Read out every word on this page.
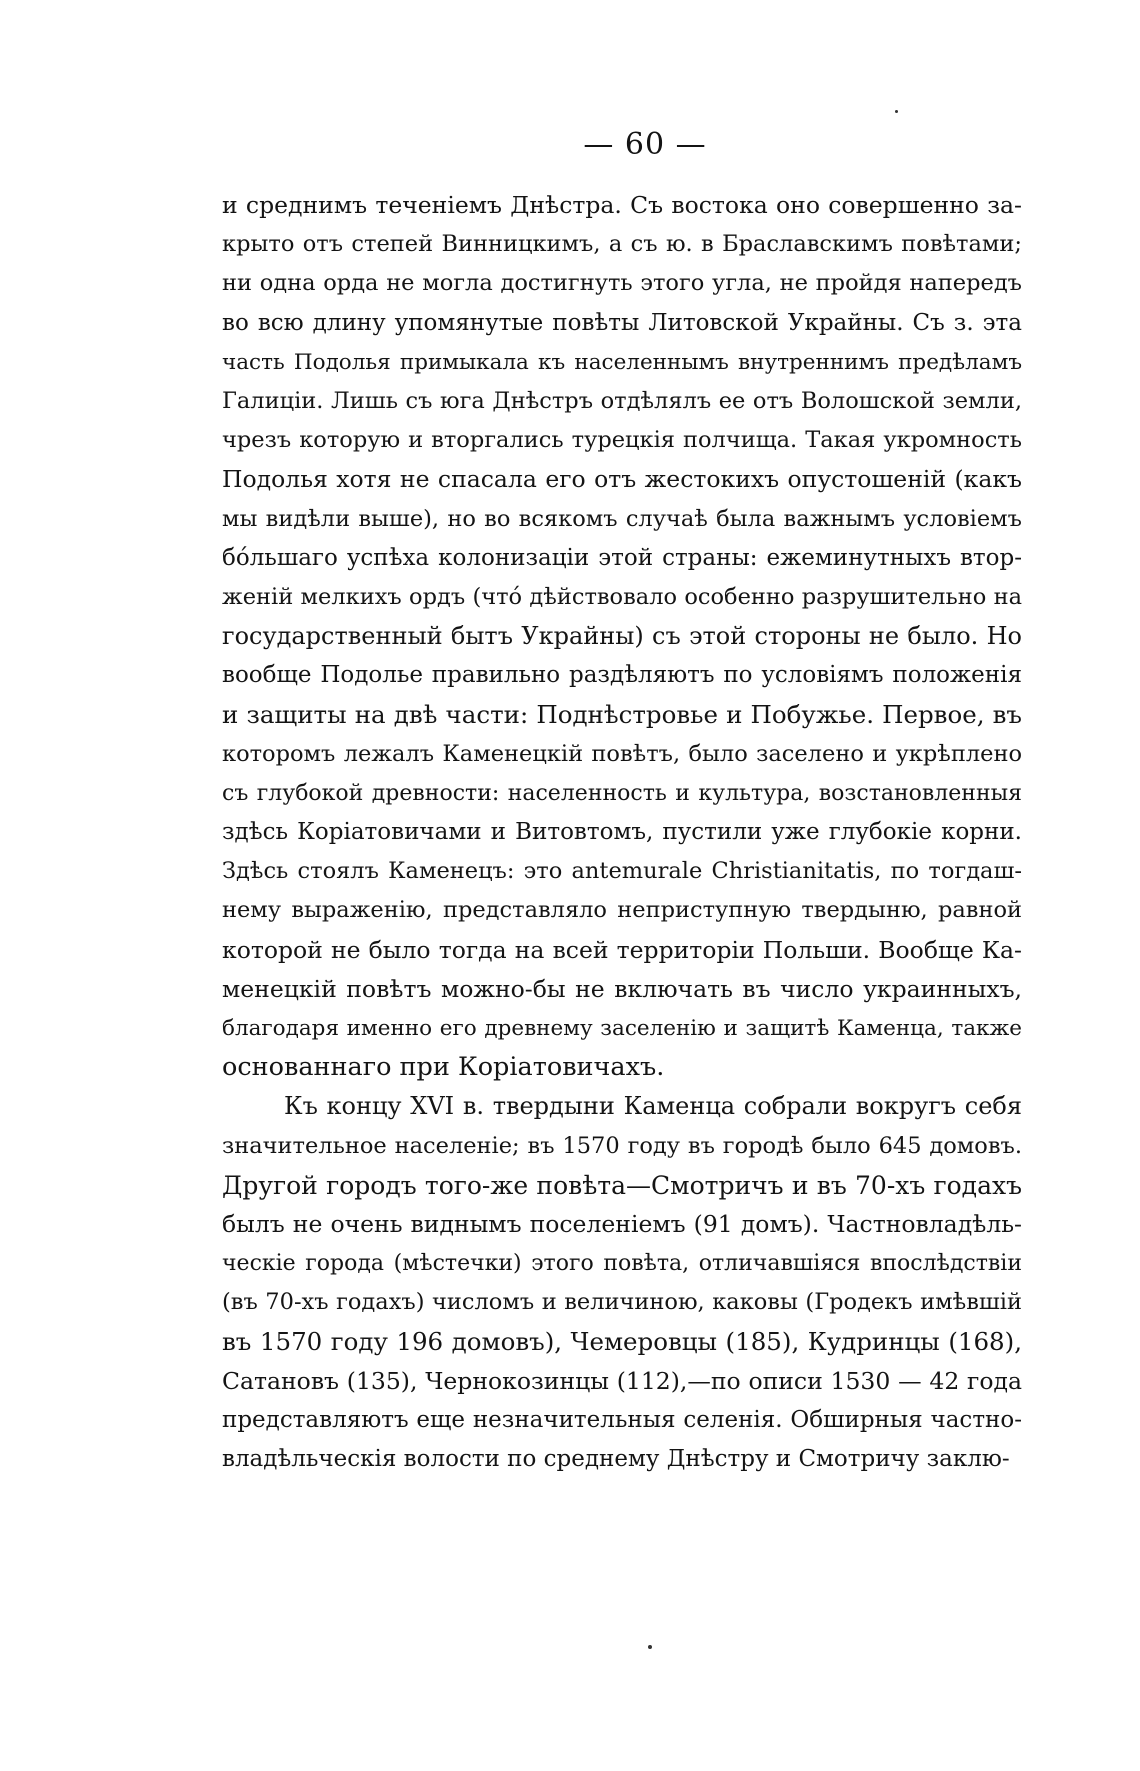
— 60 —
и среднимъ теченіемъ Днѣстра. Съ востока оно совершенно за-
крыто отъ степей Винницкимъ, а съ ю. в Браславскимъ повѣтами;
ни одна орда не могла достигнуть этого угла, не пройдя напередъ
во всю длину упомянутые повѣты Литовской Украйны. Съ з. эта
часть Подолья примыкала къ населеннымъ внутреннимъ предѣламъ
Галиціи. Лишь съ юга Днѣстръ отдѣлялъ ее отъ Волошской земли,
чрезъ которую и вторгались турецкія полчища. Такая укромность
Подолья хотя не спасала его отъ жестокихъ опустошеній (какъ
мы видѣли выше), но во всякомъ случаѣ была важнымъ условіемъ
бóльшаго успѣха колонизаціи этой страны: ежеминутныхъ втор-
женій мелкихъ ордъ (что́ дѣйствовало особенно разрушительно на
государственный бытъ Украйны) съ этой стороны не было. Но
вообще Подолье правильно раздѣляютъ по условіямъ положенія
и защиты на двѣ части: Поднѣстровье и Побужье. Первое, въ
которомъ лежалъ Каменецкій повѣтъ, было заселено и укрѣплено
съ глубокой древности: населенность и культура, возстановленныя
здѣсь Коріатовичами и Витовтомъ, пустили уже глубокіе корни.
Здѣсь стоялъ Каменецъ: это antemurale Christianitatis, по тогдаш-
нему выраженію, представляло неприступную твердыню, равной
которой не было тогда на всей территоріи Польши. Вообще Ка-
менецкій повѣтъ можно-бы не включать въ число украинныхъ,
благодаря именно его древнему заселенію и защитѣ Каменца, также
основаннаго при Коріатовичахъ.
Къ концу XVI в. твердыни Каменца собрали вокругъ себя
значительное населеніе; въ 1570 году въ городѣ было 645 домовъ.
Другой городъ того-же повѣта—Смотричъ и въ 70-хъ годахъ
былъ не очень виднымъ поселеніемъ (91 домъ). Частновладѣль-
ческіе города (мѣстечки) этого повѣта, отличавшіяся впослѣдствіи
(въ 70-хъ годахъ) числомъ и величиною, каковы (Гродекъ имѣвшій
въ 1570 году 196 домовъ), Чемеровцы (185), Кудринцы (168),
Сатановъ (135), Чернокозинцы (112),—по описи 1530 — 42 года
представляютъ еще незначительныя селенія. Обширныя частно-
владѣльческія волости по среднему Днѣстру и Смотричу заклю-
